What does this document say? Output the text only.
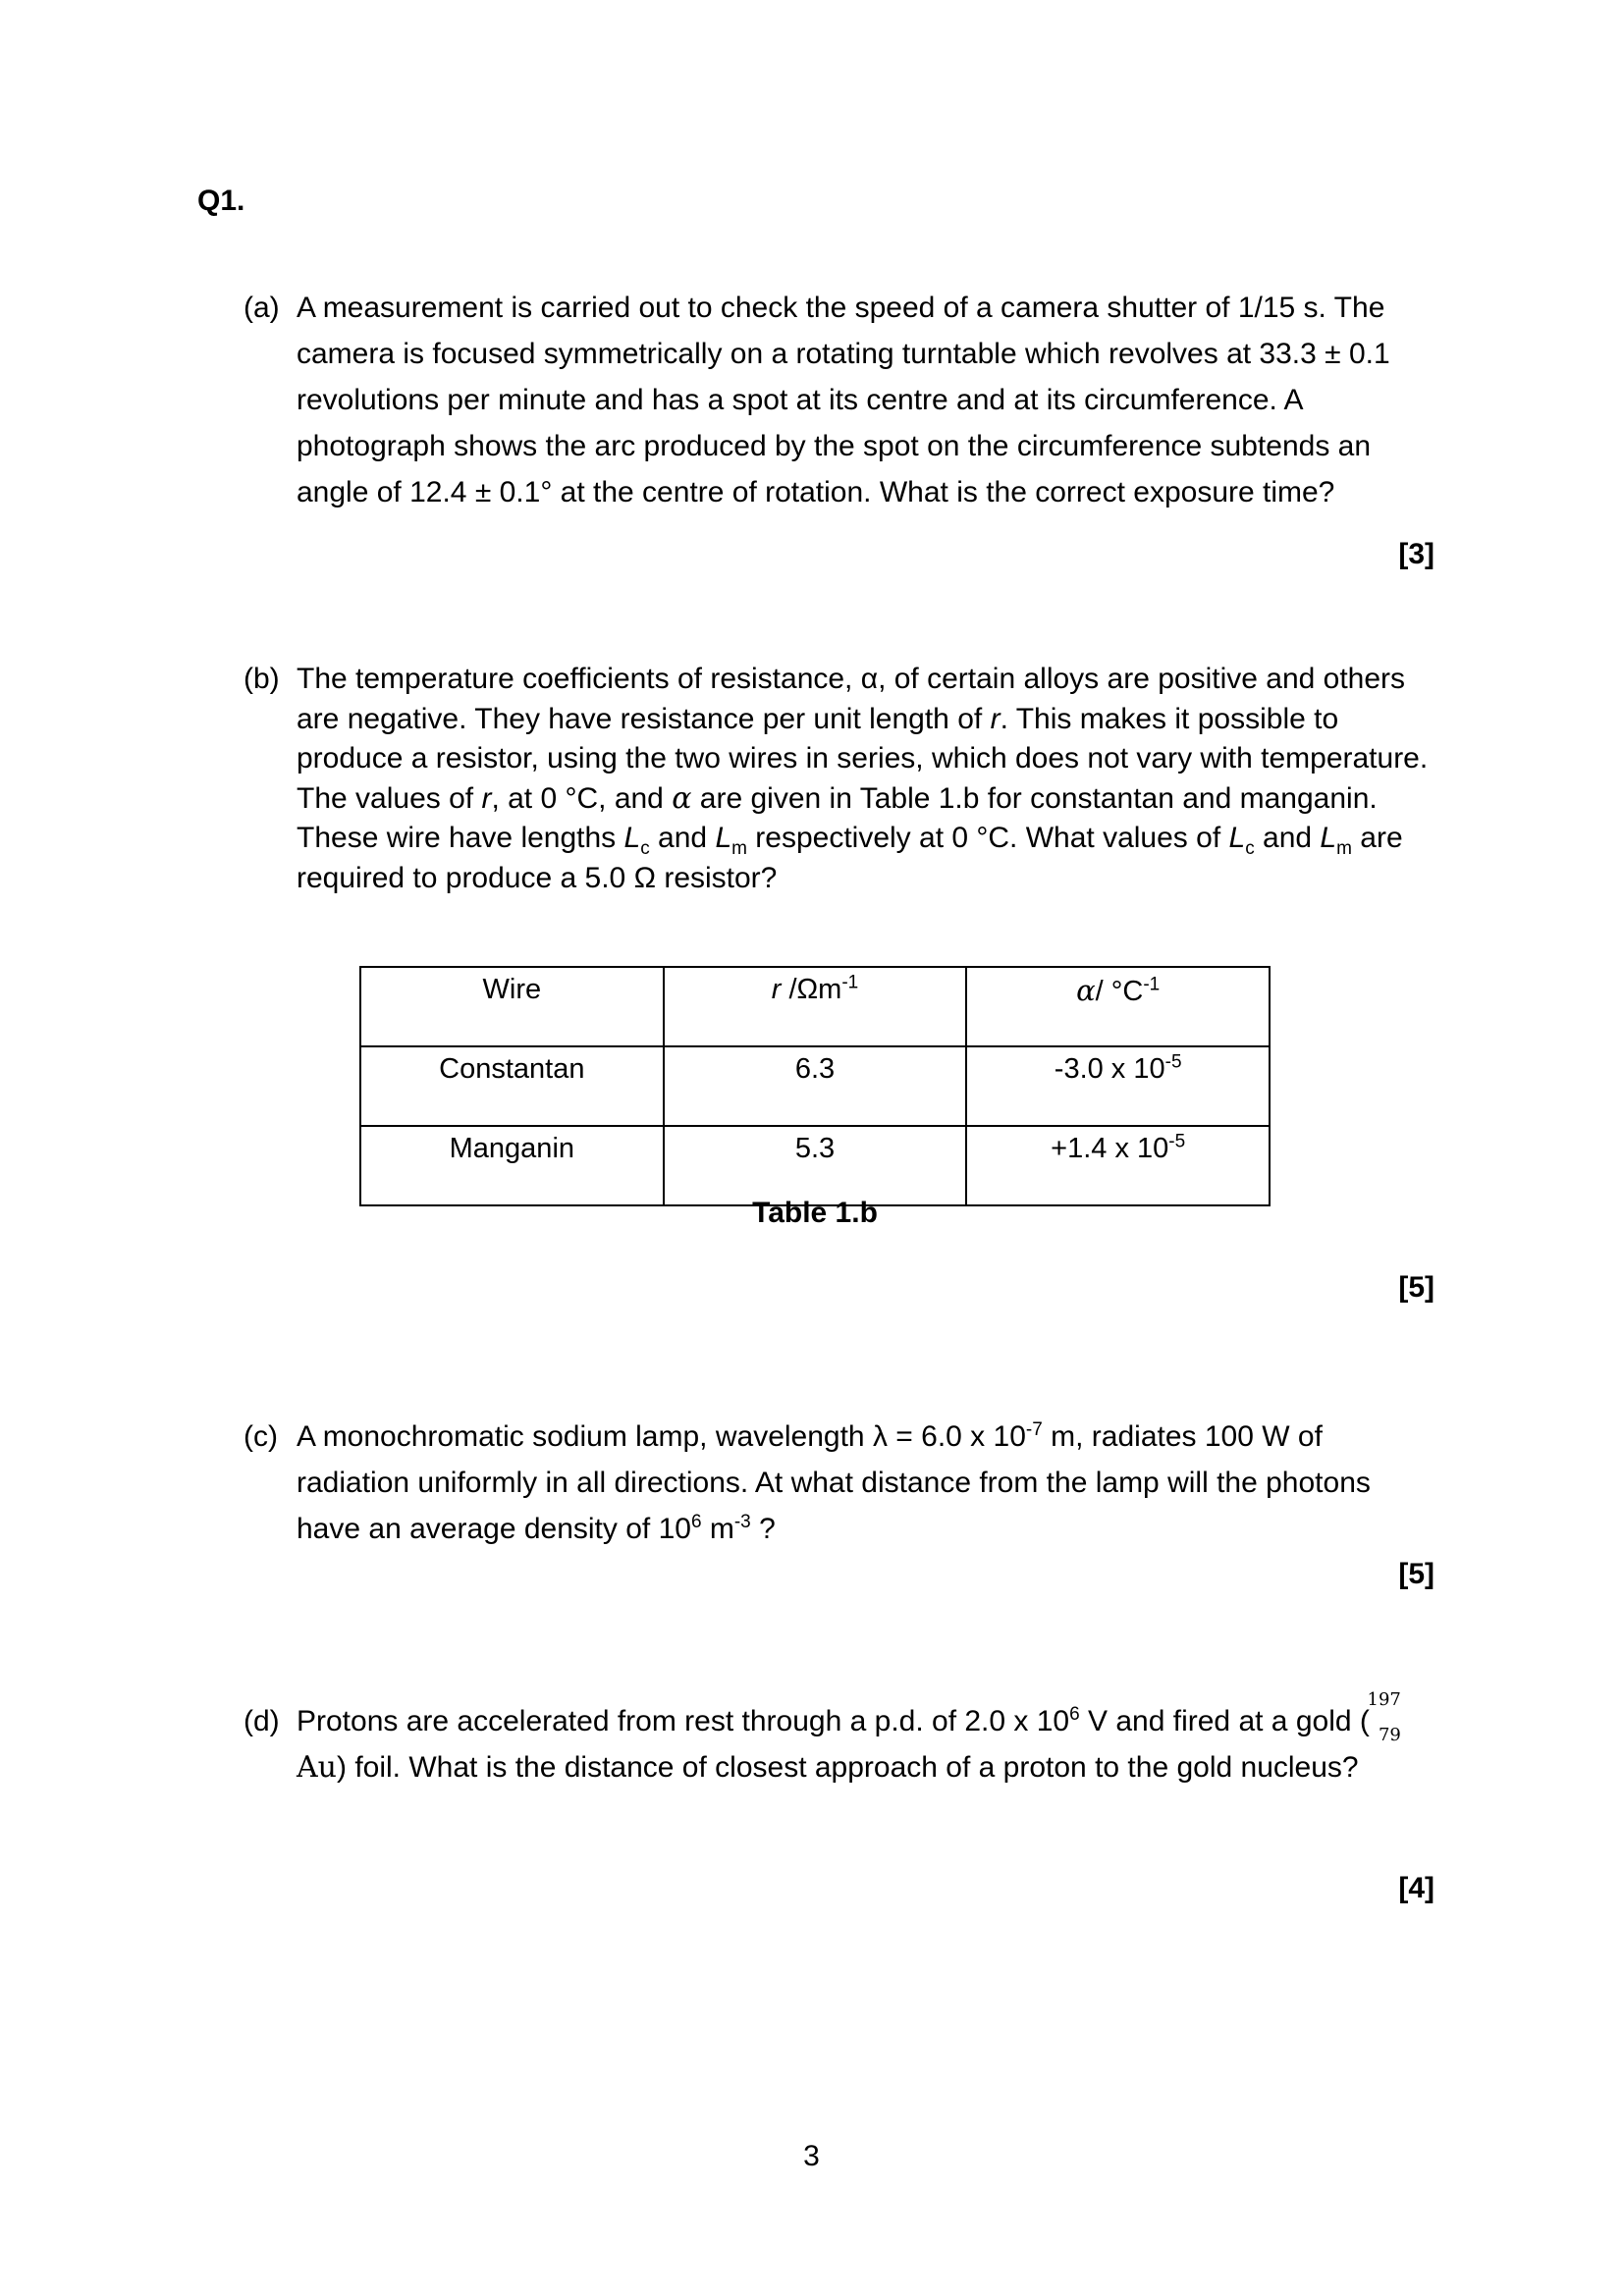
Q1.
(a) A measurement is carried out to check the speed of a camera shutter of 1/15 s. The camera is focused symmetrically on a rotating turntable which revolves at 33.3 ± 0.1 revolutions per minute and has a spot at its centre and at its circumference. A photograph shows the arc produced by the spot on the circumference subtends an angle of 12.4 ± 0.1° at the centre of rotation. What is the correct exposure time?
[3]
(b) The temperature coefficients of resistance, α, of certain alloys are positive and others are negative. They have resistance per unit length of r. This makes it possible to produce a resistor, using the two wires in series, which does not vary with temperature. The values of r, at 0 °C, and α are given in Table 1.b for constantan and manganin. These wire have lengths $L_c$ and $L_m$ respectively at 0 °C. What values of $L_c$ and $L_m$ are required to produce a 5.0 Ω resistor?
Wire	r $/\Omega m^{-1}$	α/ $^\circ C^{-1}$
Constantan	6.3	-3.0 x $10^{-5}$
Manganin	5.3	+1.4 x $10^{-5}$
Table 1.b
[5]
(c) A monochromatic sodium lamp, wavelength λ = 6.0 x $10^{-7}$ m, radiates 100 W of radiation uniformly in all directions. At what distance from the lamp will the photons have an average density of $10^6$ $m^{-3}$ ?
[5]
(d) Protons are accelerated from rest through a p.d. of 2.0 x $10^6$ V and fired at a gold (
197
79
Au) foil. What is the distance of closest approach of a proton to the gold nucleus?
[4]
3
